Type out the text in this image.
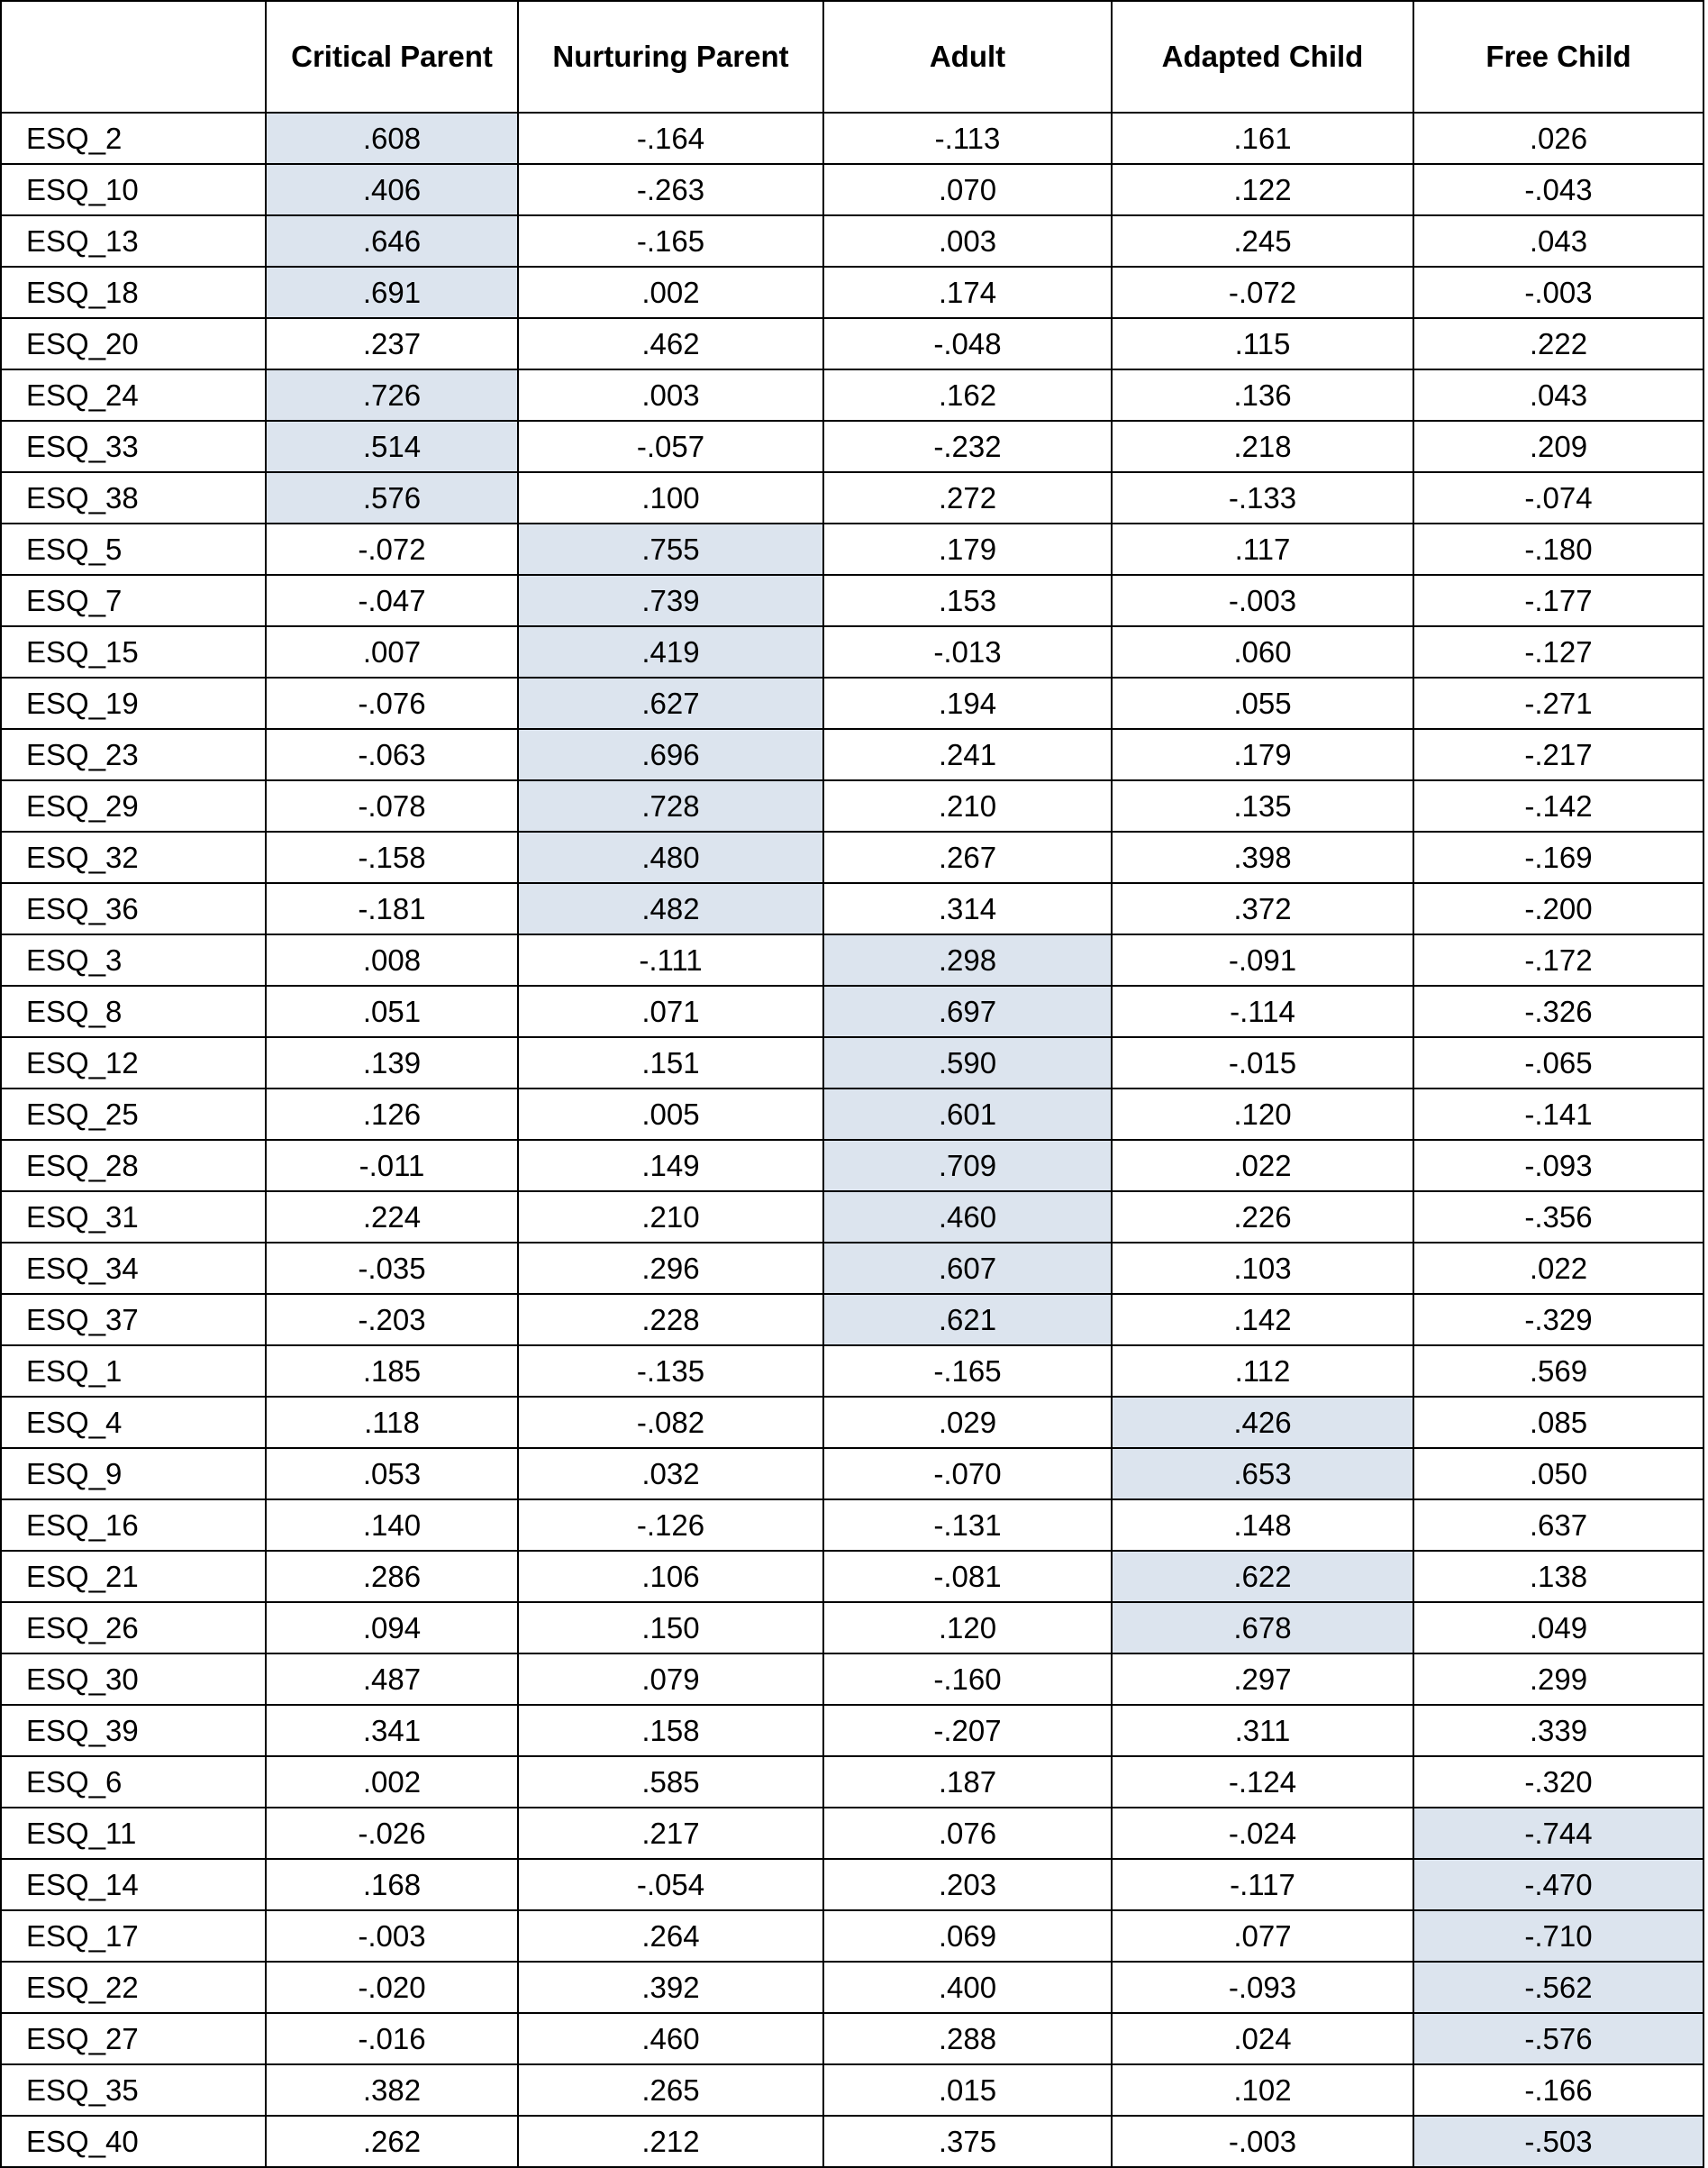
	Critical Parent	Nurturing Parent	Adult	Adapted Child	Free Child
ESQ_2	.608	-.164	-.113	.161	.026
ESQ_10	.406	-.263	.070	.122	-.043
ESQ_13	.646	-.165	.003	.245	.043
ESQ_18	.691	.002	.174	-.072	-.003
ESQ_20	.237	.462	-.048	.115	.222
ESQ_24	.726	.003	.162	.136	.043
ESQ_33	.514	-.057	-.232	.218	.209
ESQ_38	.576	.100	.272	-.133	-.074
ESQ_5	-.072	.755	.179	.117	-.180
ESQ_7	-.047	.739	.153	-.003	-.177
ESQ_15	.007	.419	-.013	.060	-.127
ESQ_19	-.076	.627	.194	.055	-.271
ESQ_23	-.063	.696	.241	.179	-.217
ESQ_29	-.078	.728	.210	.135	-.142
ESQ_32	-.158	.480	.267	.398	-.169
ESQ_36	-.181	.482	.314	.372	-.200
ESQ_3	.008	-.111	.298	-.091	-.172
ESQ_8	.051	.071	.697	-.114	-.326
ESQ_12	.139	.151	.590	-.015	-.065
ESQ_25	.126	.005	.601	.120	-.141
ESQ_28	-.011	.149	.709	.022	-.093
ESQ_31	.224	.210	.460	.226	-.356
ESQ_34	-.035	.296	.607	.103	.022
ESQ_37	-.203	.228	.621	.142	-.329
ESQ_1	.185	-.135	-.165	.112	.569
ESQ_4	.118	-.082	.029	.426	.085
ESQ_9	.053	.032	-.070	.653	.050
ESQ_16	.140	-.126	-.131	.148	.637
ESQ_21	.286	.106	-.081	.622	.138
ESQ_26	.094	.150	.120	.678	.049
ESQ_30	.487	.079	-.160	.297	.299
ESQ_39	.341	.158	-.207	.311	.339
ESQ_6	.002	.585	.187	-.124	-.320
ESQ_11	-.026	.217	.076	-.024	-.744
ESQ_14	.168	-.054	.203	-.117	-.470
ESQ_17	-.003	.264	.069	.077	-.710
ESQ_22	-.020	.392	.400	-.093	-.562
ESQ_27	-.016	.460	.288	.024	-.576
ESQ_35	.382	.265	.015	.102	-.166
ESQ_40	.262	.212	.375	-.003	-.503
